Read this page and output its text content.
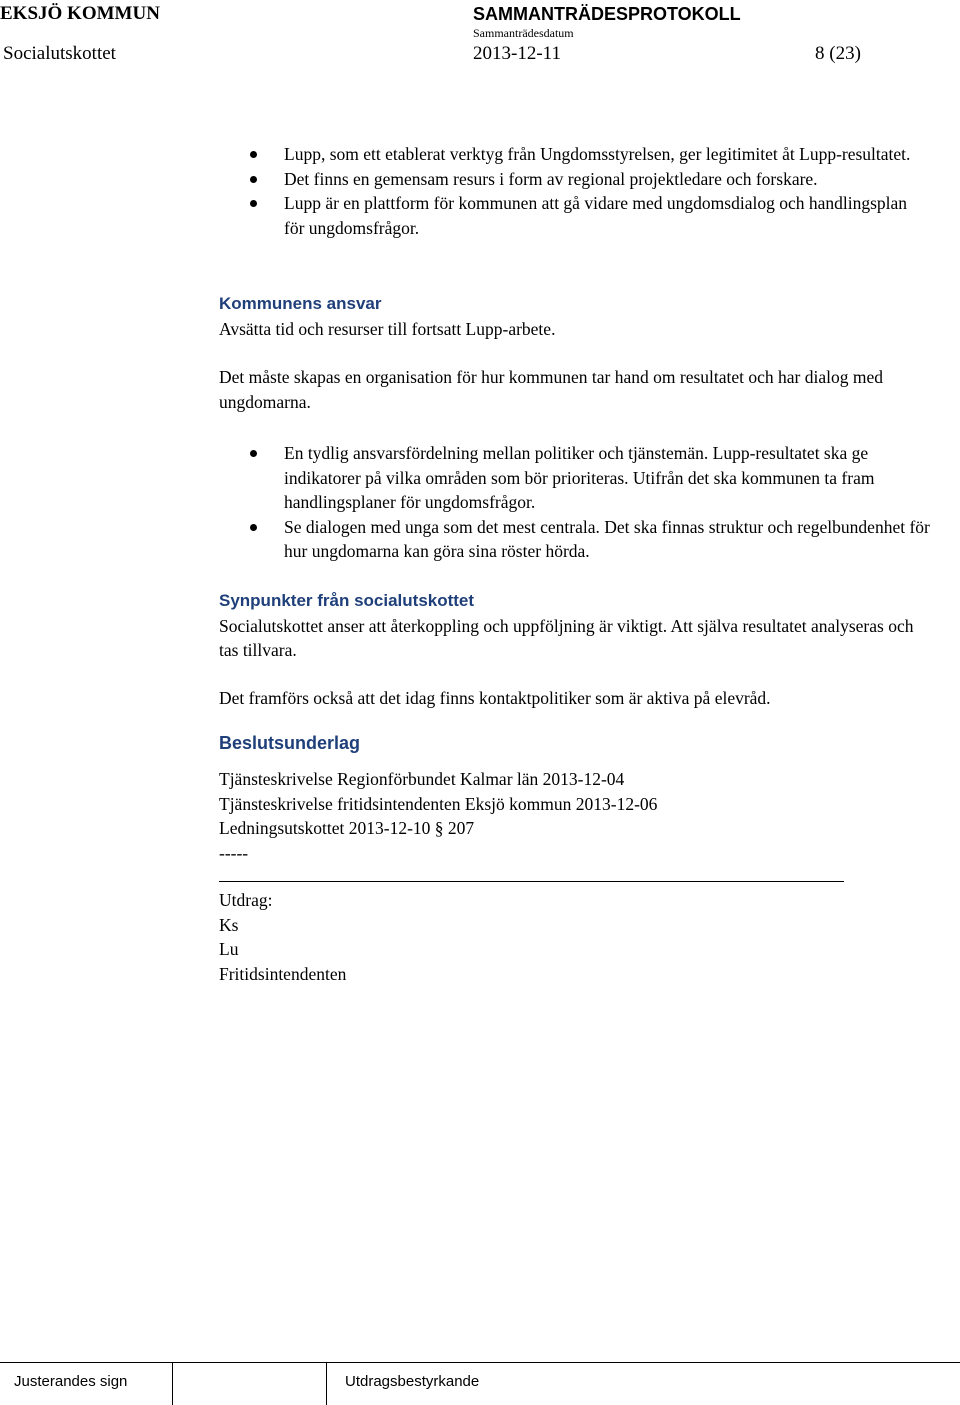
EKSJÖ KOMMUN	SAMMANTRÄDESPROTOKOLL
Sammanträdesdatum
Socialutskottet	2013-12-11	8 (23)
Lupp, som ett etablerat verktyg från Ungdomsstyrelsen, ger legitimitet åt Lupp-resultatet.
Det finns en gemensam resurs i form av regional projektledare och forskare.
Lupp är en plattform för kommunen att gå vidare med ungdomsdialog och handlingsplan för ungdomsfrågor.
Kommunens ansvar
Avsätta tid och resurser till fortsatt Lupp-arbete.
Det måste skapas en organisation för hur kommunen tar hand om resultatet och har dialog med ungdomarna.
En tydlig ansvarsfördelning mellan politiker och tjänstemän. Lupp-resultatet ska ge indikatorer på vilka områden som bör prioriteras. Utifrån det ska kommunen ta fram handlingsplaner för ungdomsfrågor.
Se dialogen med unga som det mest centrala. Det ska finnas struktur och regelbundenhet för hur ungdomarna kan göra sina röster hörda.
Synpunkter från socialutskottet
Socialutskottet anser att återkoppling och uppföljning är viktigt. Att själva resultatet analyseras och tas tillvara.
Det framförs också att det idag finns kontaktpolitiker som är aktiva på elevråd.
Beslutsunderlag
Tjänsteskrivelse Regionförbundet Kalmar län 2013-12-04
Tjänsteskrivelse fritidsintendenten Eksjö kommun 2013-12-06
Ledningsutskottet 2013-12-10 § 207
-----
Utdrag:
Ks
Lu
Fritidsintendenten
Justerandes sign	Utdragsbestyrkande
